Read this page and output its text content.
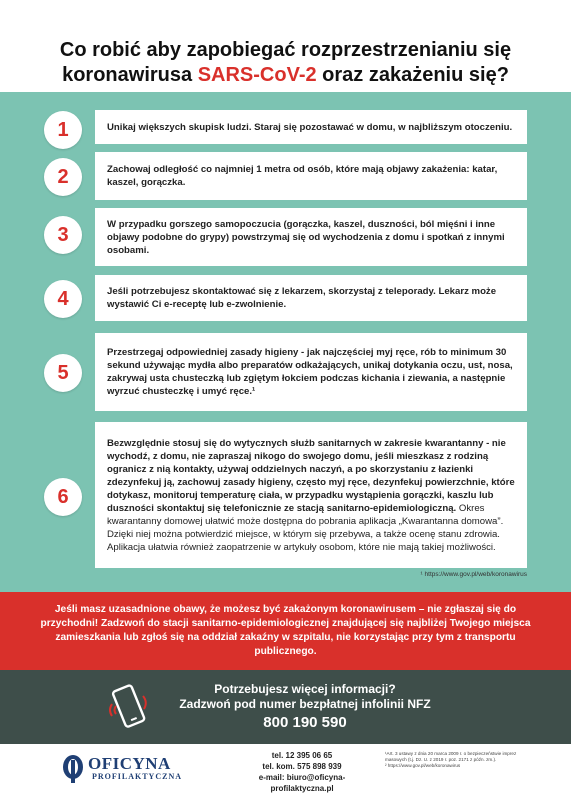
Co robić aby zapobiegać rozprzestrzenianiu się
koronawirusa SARS-CoV-2 oraz zakażeniu się?
1	Unikaj większych skupisk ludzi. Staraj się pozostawać w domu, w najbliższym otoczeniu.
2	Zachowaj odległość co najmniej 1 metra od osób, które mają objawy zakażenia: katar, kaszel, gorączka.
3	W przypadku gorszego samopoczucia (gorączka, kaszel, duszności, ból mięśni i inne objawy podobne do grypy) powstrzymaj się od wychodzenia z domu i spotkań z innymi osobami.
4	Jeśli potrzebujesz skontaktować się z lekarzem, skorzystaj z teleporady. Lekarz może wystawić Ci e-receptę lub e-zwolnienie.
5
Przestrzegaj odpowiedniej zasady higieny - jak najczęściej myj ręce, rób to minimum 30 sekund używając mydła albo preparatów odkażających, unikaj dotykania oczu, ust, nosa, zakrywaj usta chusteczką lub zgiętym łokciem podczas kichania i ziewania, a następnie wyrzuć chusteczkę i umyć ręce.¹
6
Bezwzględnie stosuj się do wytycznych służb sanitarnych w zakresie kwarantanny - nie wychodź, z domu, nie zapraszaj nikogo do swojego domu, jeśli mieszkasz z rodziną ogranicz z nią kontakty, używaj oddzielnych naczyń, a po skorzystaniu z łazienki zdezynfekuj ją, zachowuj zasady higieny, często myj ręce, dezynfekuj powierzchnie, które dotykasz, monitoruj temperaturę ciała, w przypadku wystąpienia gorączki, kaszlu lub duszności skontaktuj się telefonicznie ze stacją sanitarno-epidemiologiczną. Okres kwarantanny domowej ułatwić może dostępna do pobrania aplikacja „Kwarantanna domowa”. Dzięki niej można potwierdzić miejsce, w którym się przebywa, a także ocenę stanu zdrowia. Aplikacja ułatwia również zaopatrzenie w artykuły osobom, które nie mają takiej możliwości.
¹ https://www.gov.pl/web/koronawirus
Jeśli masz uzasadnione obawy, że możesz być zakażonym koronawirusem – nie zgłaszaj się do przychodni! Zadzwoń do stacji sanitarno-epidemiologicznej znajdującej się najbliżej Twojego miejsca zamieszkania lub zgłoś się na oddział zakaźny w szpitalu, nie korzystając przy tym z transportu publicznego.
Potrzebujesz więcej informacji?
Zadzwoń pod numer bezpłatnej infolinii NFZ
800 190 590
OFICYNA
PROFILAKTYCZNA
tel. 12 395 06 65
tel. kom. 575 898 939
e-mail: biuro@oficyna-profilaktyczna.pl
¹Art. 3 ustawy z dnia 20 marca 2009 r. o bezpieczeństwie imprez masowych (t.j. Dz. U. z 2019 r. poz. 2171 z późn. zm.).
² https://www.gov.pl/web/koronawirus
